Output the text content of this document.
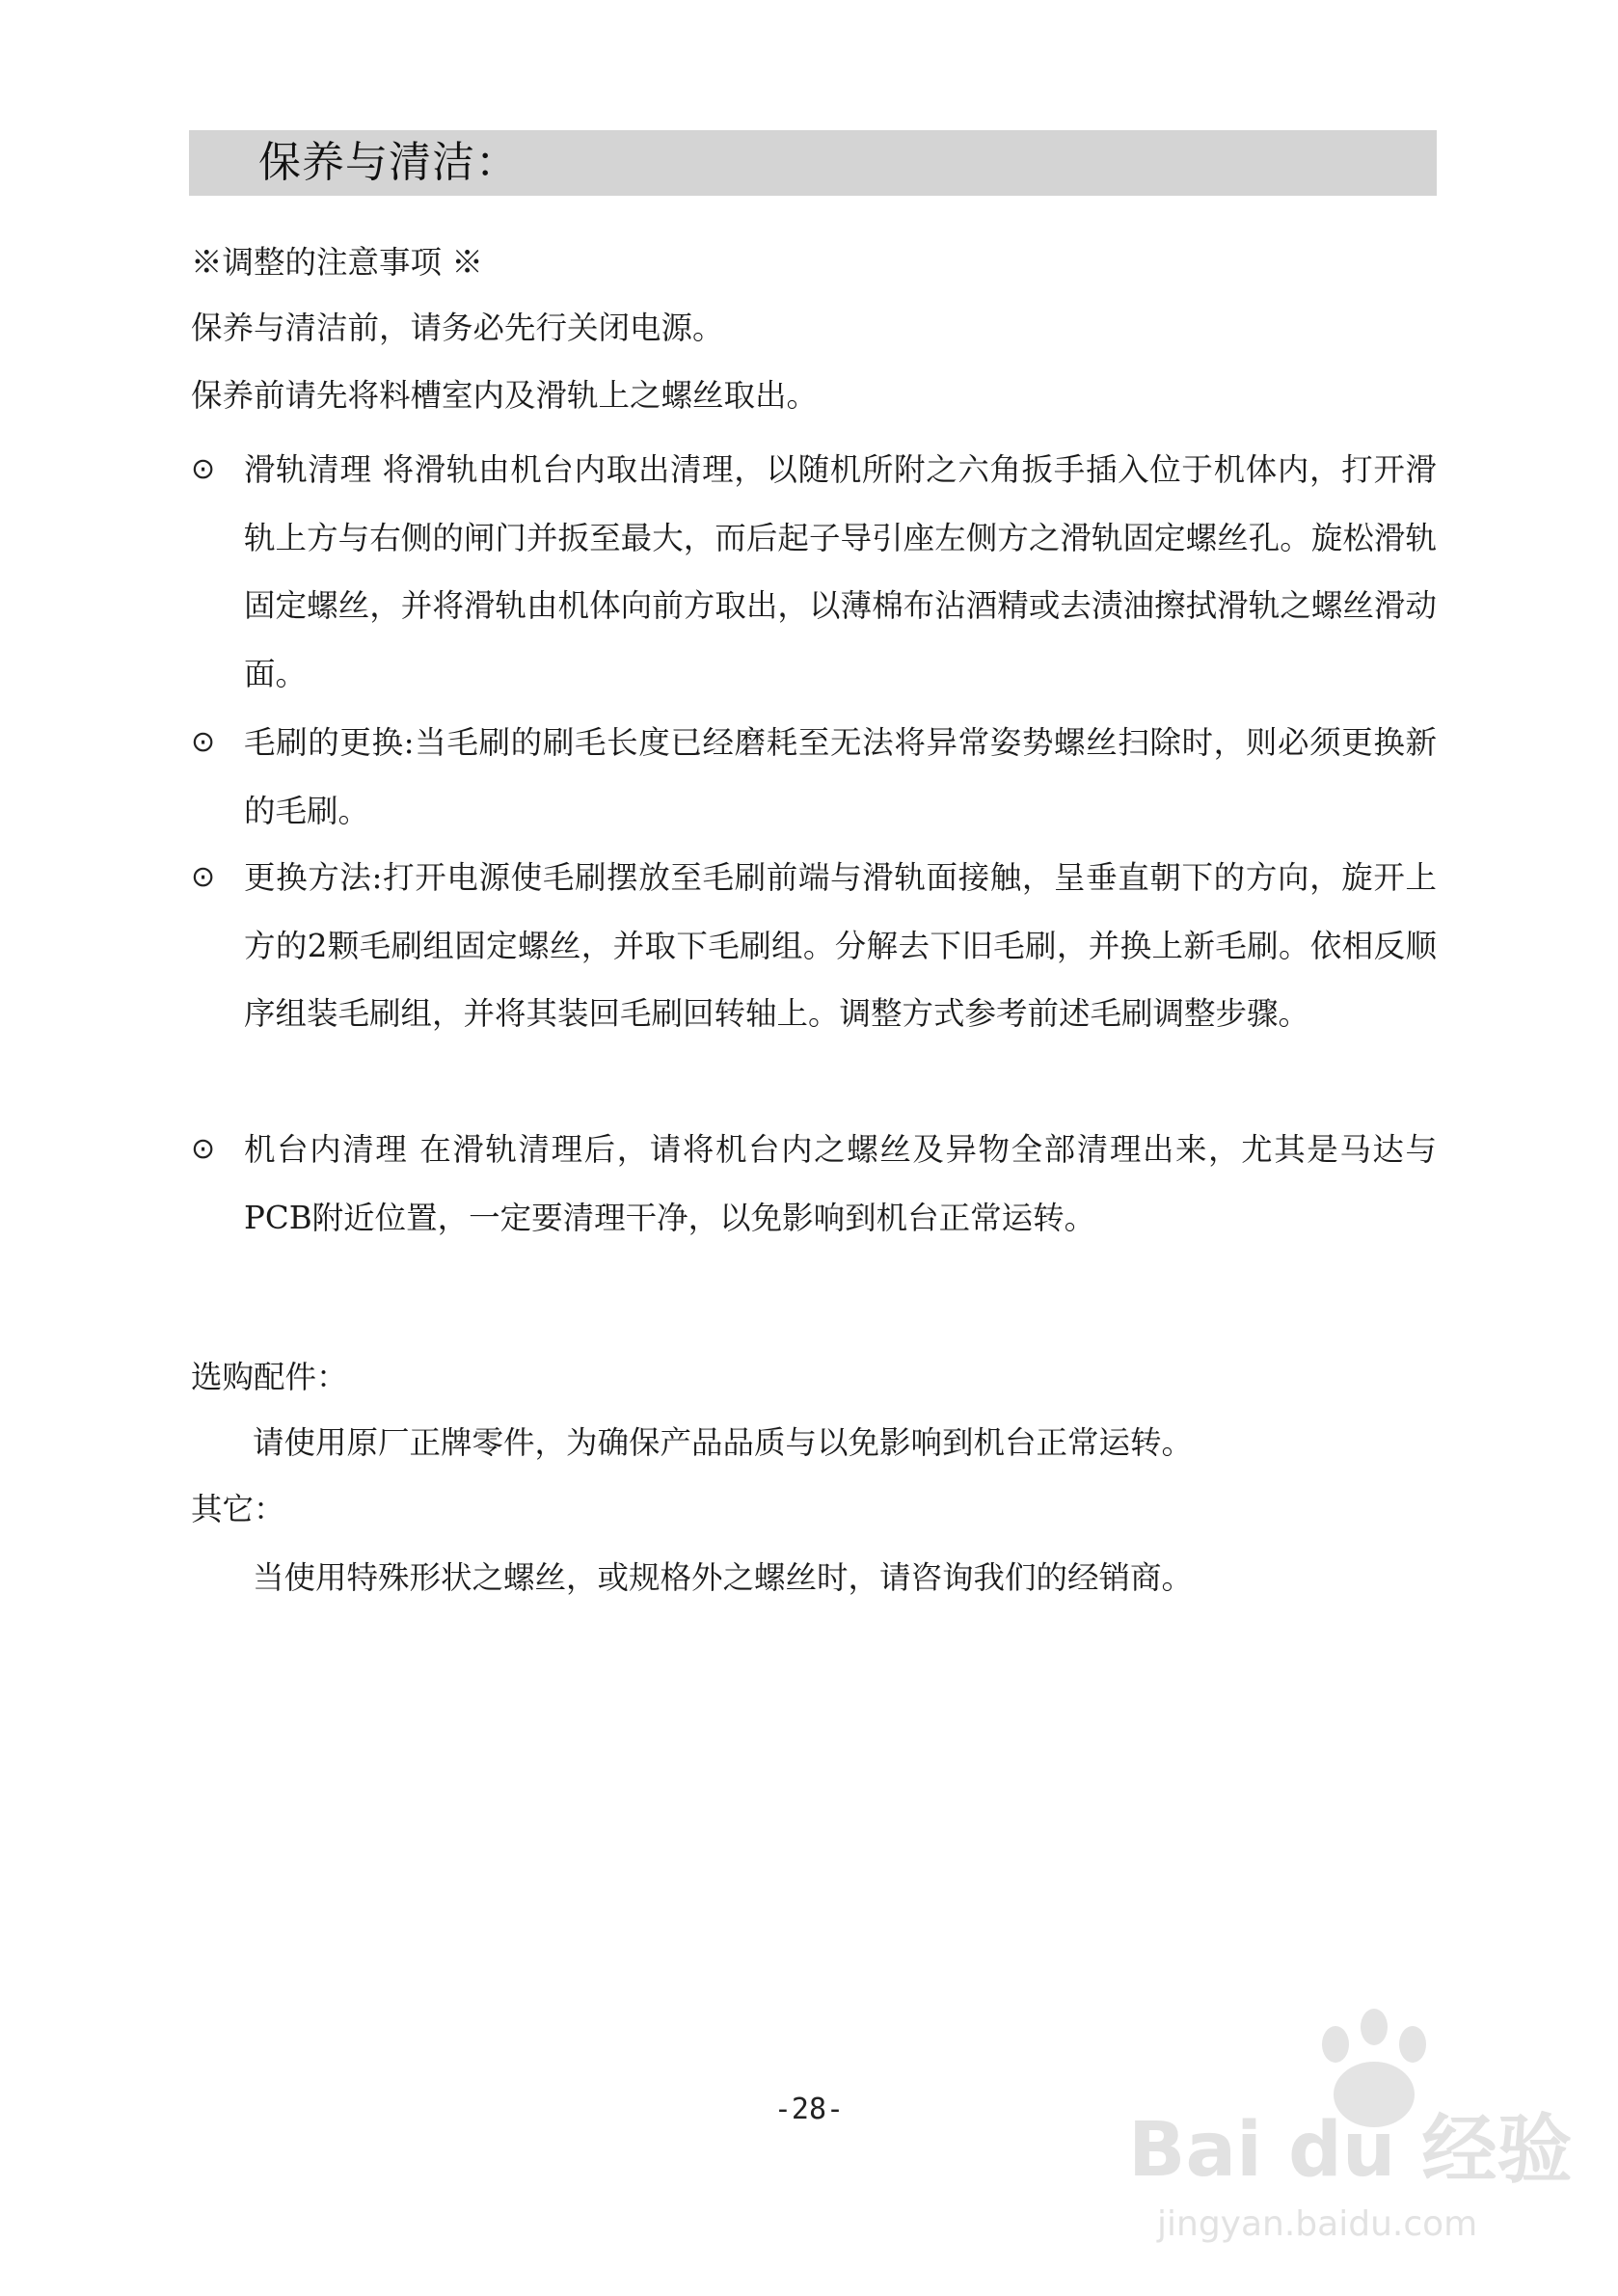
保养与清洁：
※调整的注意事项 ※
保养与清洁前，请务必先行关闭电源。
保养前请先将料槽室内及滑轨上之螺丝取出。
⊙ 滑轨清理 将滑轨由机台内取出清理，以随机所附之六角扳手插入位于机体内，打开滑轨上方与右侧的闸门并扳至最大，而后起子导引座左侧方之滑轨固定螺丝孔。旋松滑轨固定螺丝，并将滑轨由机体向前方取出，以薄棉布沾酒精或去渍油擦拭滑轨之螺丝滑动面。
⊙ 毛刷的更换:当毛刷的刷毛长度已经磨耗至无法将异常姿势螺丝扫除时，则必须更换新的毛刷。
⊙ 更换方法:打开电源使毛刷摆放至毛刷前端与滑轨面接触，呈垂直朝下的方向，旋开上方的2颗毛刷组固定螺丝，并取下毛刷组。分解去下旧毛刷，并换上新毛刷。依相反顺序组装毛刷组，并将其装回毛刷回转轴上。调整方式参考前述毛刷调整步骤。
⊙ 机台内清理 在滑轨清理后，请将机台内之螺丝及异物全部清理出来，尤其是马达与PCB附近位置，一定要清理干净，以免影响到机台正常运转。
选购配件：
请使用原厂正牌零件，为确保产品品质与以免影响到机台正常运转。
其它：
当使用特殊形状之螺丝，或规格外之螺丝时，请咨询我们的经销商。
-28-	Bai du 经验
jingyan.baidu.com
